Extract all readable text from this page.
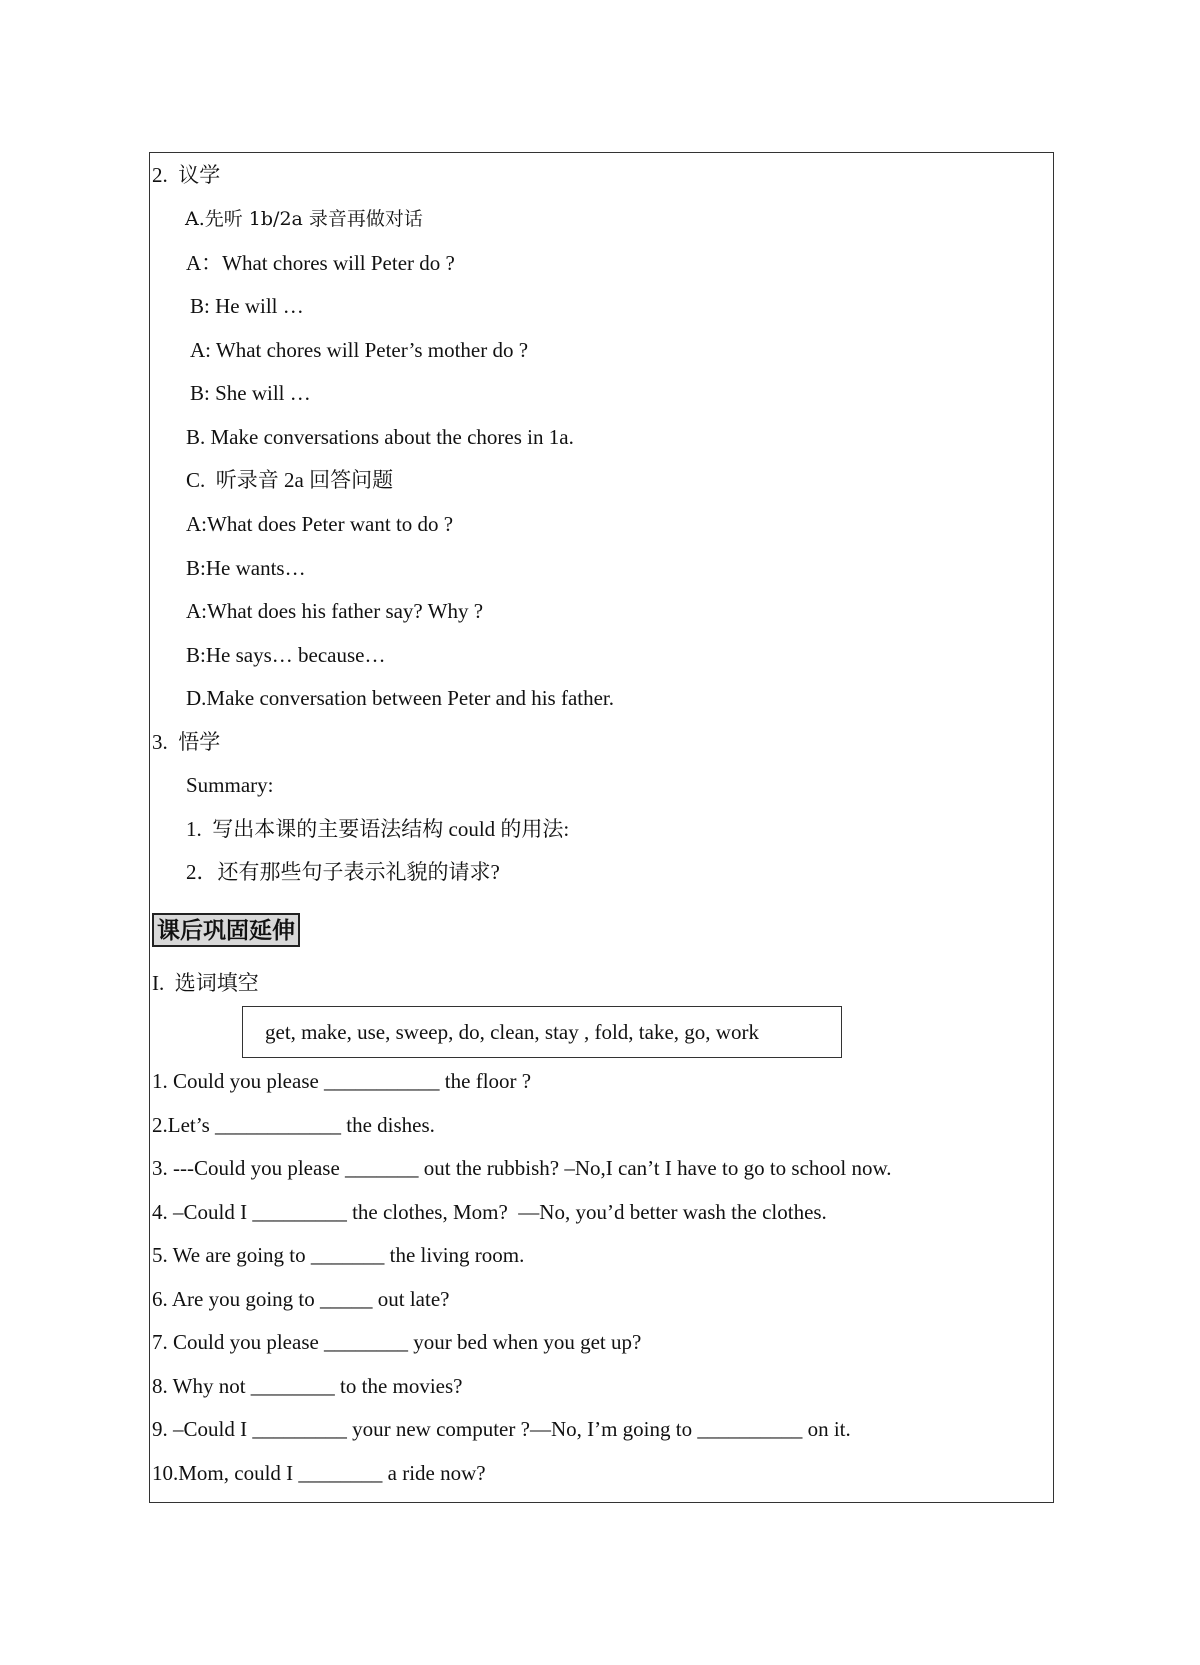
2.  议学
A.先听 1b/2a 录音再做对话
A：What chores will Peter do ?
B: He will …
A: What chores will Peter’s mother do ?
B: She will …
B. Make conversations about the chores in 1a.
C.  听录音 2a 回答问题
A:What does Peter want to do ?
B:He wants…
A:What does his father say? Why ?
B:He says… because…
D.Make conversation between Peter and his father.
3.  悟学
Summary:
1.  写出本课的主要语法结构 could 的用法:
2．还有那些句子表示礼貌的请求?
课后巩固延伸
I.  选词填空
get, make, use, sweep, do, clean, stay , fold, take, go, work
1. Could you please ___________ the floor ?
2.Let’s ____________ the dishes.
3. ---Could you please _______ out the rubbish? –No,I can’t I have to go to school now.
4. –Could I _________ the clothes, Mom?  —No, you’d better wash the clothes.
5. We are going to _______ the living room.
6. Are you going to _____ out late?
7. Could you please ________ your bed when you get up?
8. Why not ________ to the movies?
9. –Could I _________ your new computer ?—No, I’m going to __________ on it.
10.Mom, could I ________ a ride now?
